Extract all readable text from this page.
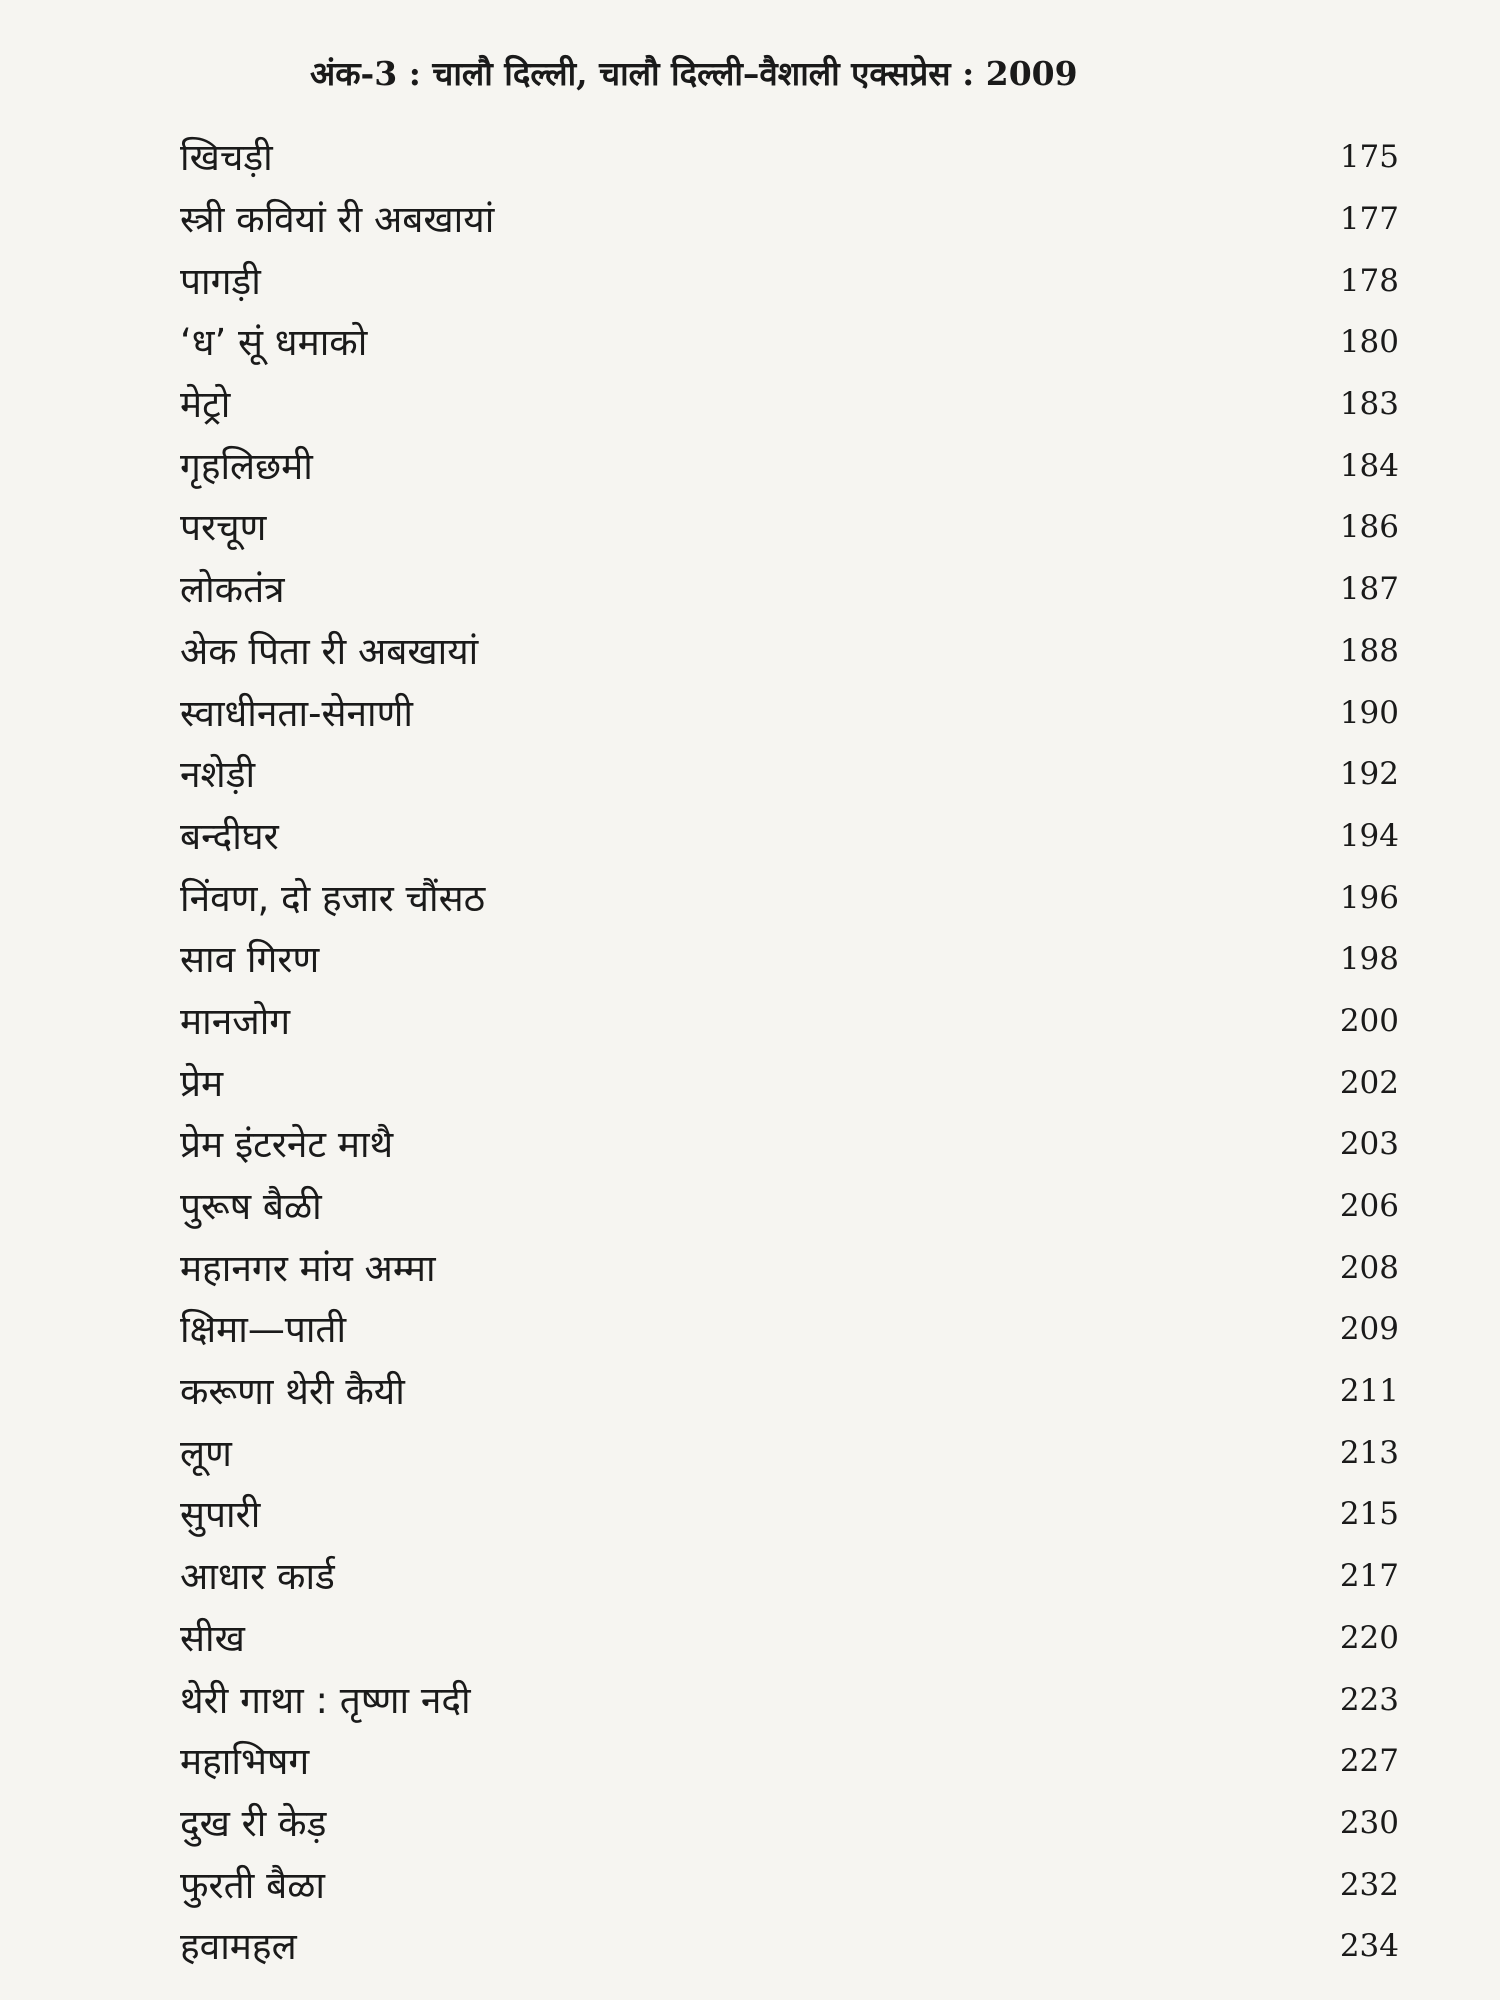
अंक-3 : चालौ दिल्ली, चालौ दिल्ली–वैशाली एक्सप्रेस : 2009
खिचड़ी	175
स्त्री कवियां री अबखायां	177
पागड़ी	178
‘ध’ सूं धमाको	180
मेट्रो	183
गृहलिछमी	184
परचूण	186
लोकतंत्र	187
अेक पिता री अबखायां	188
स्वाधीनता-सेनाणी	190
नशेड़ी	192
बन्दीघर	194
निंवण, दो हजार चौंसठ	196
साव गिरण	198
मानजोग	200
प्रेम	202
प्रेम इंटरनेट माथै	203
पुरूष बैळी	206
महानगर मांय अम्मा	208
क्षिमा—पाती	209
करूणा थेरी कैयी	211
लूण	213
सुपारी	215
आधार कार्ड	217
सीख	220
थेरी गाथा : तृष्णा नदी	223
महाभिषग	227
दुख री केड़	230
फुरती बैळा	232
हवामहल	234
